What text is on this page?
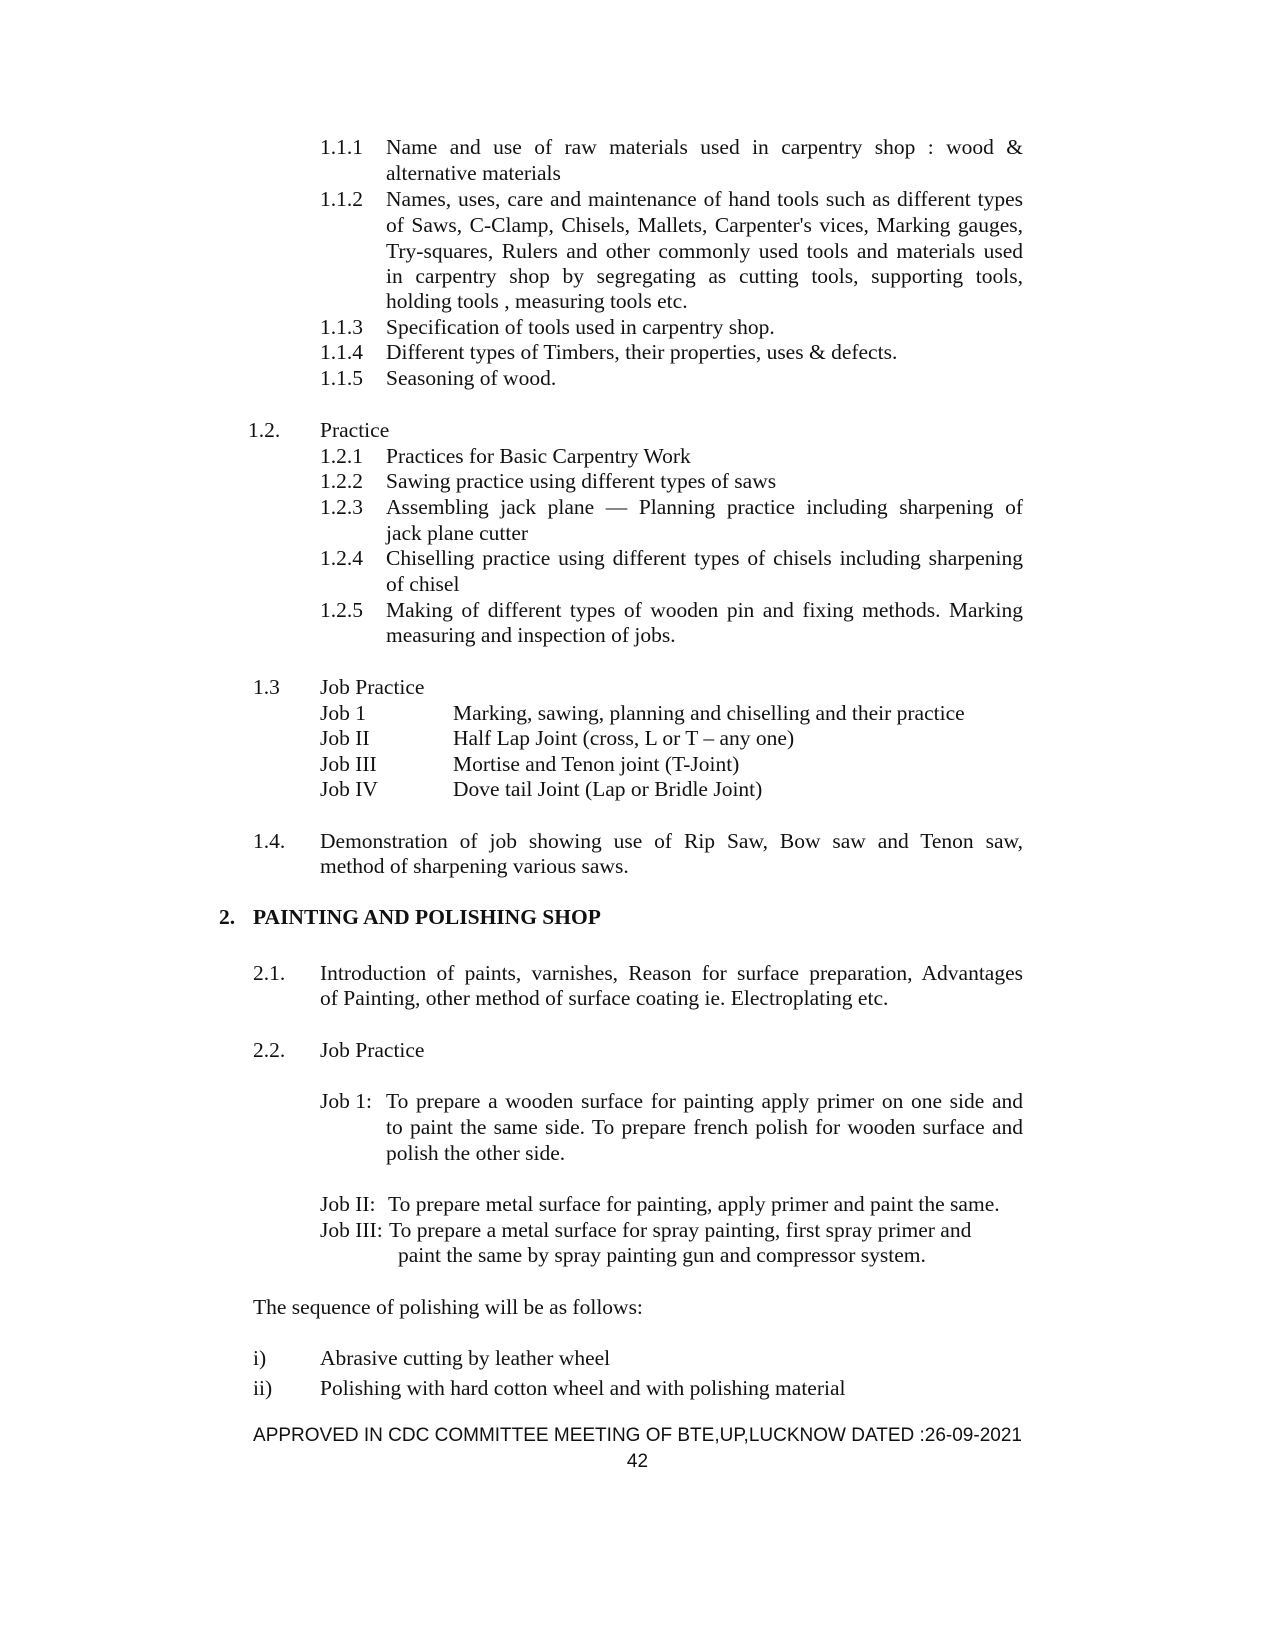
1.1.1 Name and use of raw materials used in carpentry shop : wood &
alternative materials
1.1.2 Names, uses, care and maintenance of hand tools such as different types
of Saws, C-Clamp, Chisels, Mallets, Carpenter's vices, Marking gauges,
Try-squares, Rulers and other commonly used tools and materials used
in carpentry shop by segregating as cutting tools, supporting tools,
holding tools , measuring tools etc.
1.1.3 Specification of tools used in carpentry shop.
1.1.4 Different types of Timbers, their properties, uses & defects.
1.1.5 Seasoning of wood.
1.2. Practice
1.2.1 Practices for Basic Carpentry Work
1.2.2 Sawing practice using different types of saws
1.2.3 Assembling jack plane — Planning practice including sharpening of
jack plane cutter
1.2.4 Chiselling practice using different types of chisels including sharpening
of chisel
1.2.5 Making of different types of wooden pin and fixing methods. Marking
measuring and inspection of jobs.
1.3 Job Practice
Job 1	Marking, sawing, planning and chiselling and their practice
Job II	Half Lap Joint (cross, L or T – any one)
Job III	Mortise and Tenon joint (T-Joint)
Job IV	Dove tail Joint (Lap or Bridle Joint)
1.4. Demonstration of job showing use of Rip Saw, Bow saw and Tenon saw,
method of sharpening various saws.
2. PAINTING AND POLISHING SHOP
2.1. Introduction of paints, varnishes, Reason for surface preparation, Advantages
of Painting, other method of surface coating ie. Electroplating etc.
2.2. Job Practice
Job 1: To prepare a wooden surface for painting apply primer on one side and
to paint the same side. To prepare french polish for wooden surface and
polish the other side.
Job II: To prepare metal surface for painting, apply primer and paint the same.
Job III: To prepare a metal surface for spray painting, first spray primer and
paint the same by spray painting gun and compressor system.
The sequence of polishing will be as follows:
i)	Abrasive cutting by leather wheel
ii) Polishing with hard cotton wheel and with polishing material
APPROVED IN CDC COMMITTEE MEETING OF BTE,UP,LUCKNOW DATED :26-09-2021
42
